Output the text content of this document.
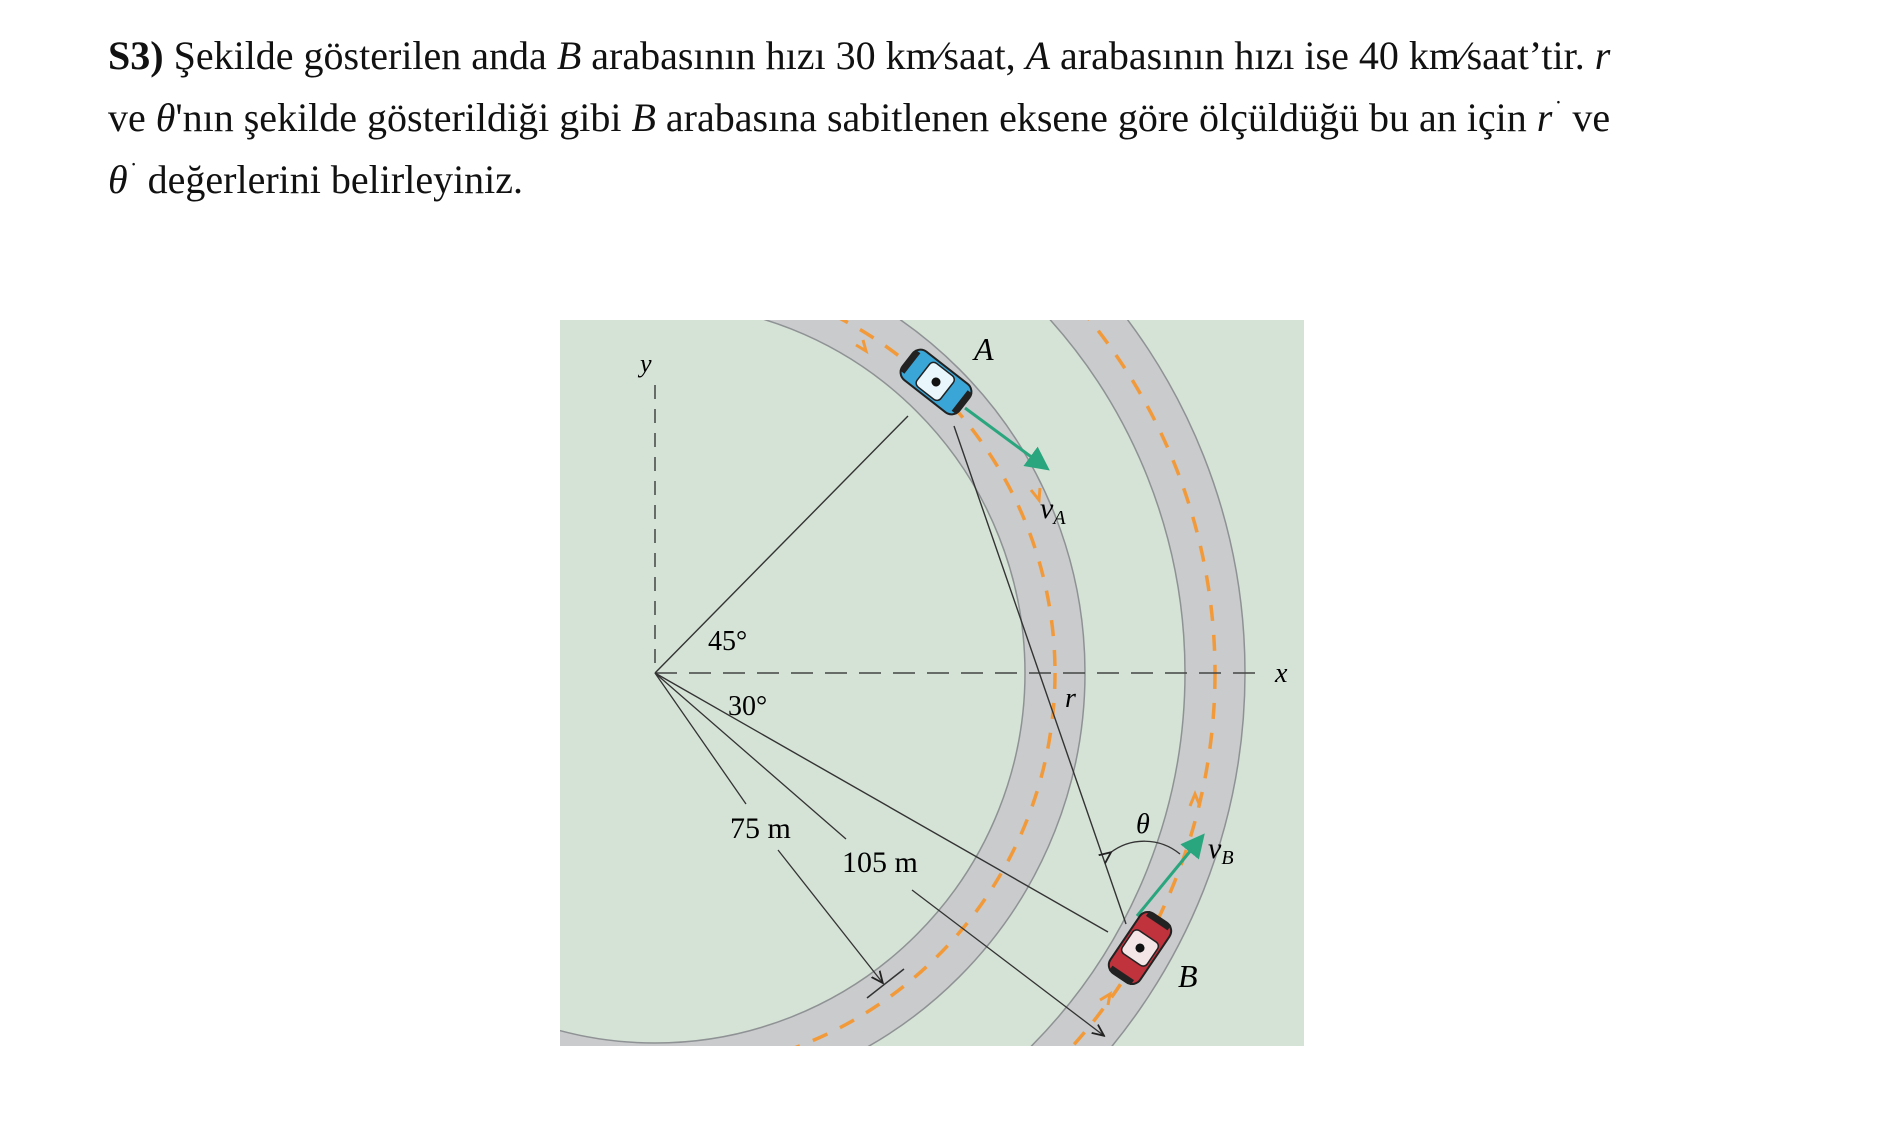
S3) Şekilde gösterilen anda B arabasının hızı 30 km⁄saat, A arabasının hızı ise 40 km⁄saat’tir. r
ve θ'nın şekilde gösterildiği gibi B arabasına sabitlenen eksene göre ölçüldüğü bu an için r˙ ve
θ˙ değerlerini belirleyiniz.
y
x
45°
30°
75 m
105 m
r
θ
$v_A$
$v_B$
A
B
